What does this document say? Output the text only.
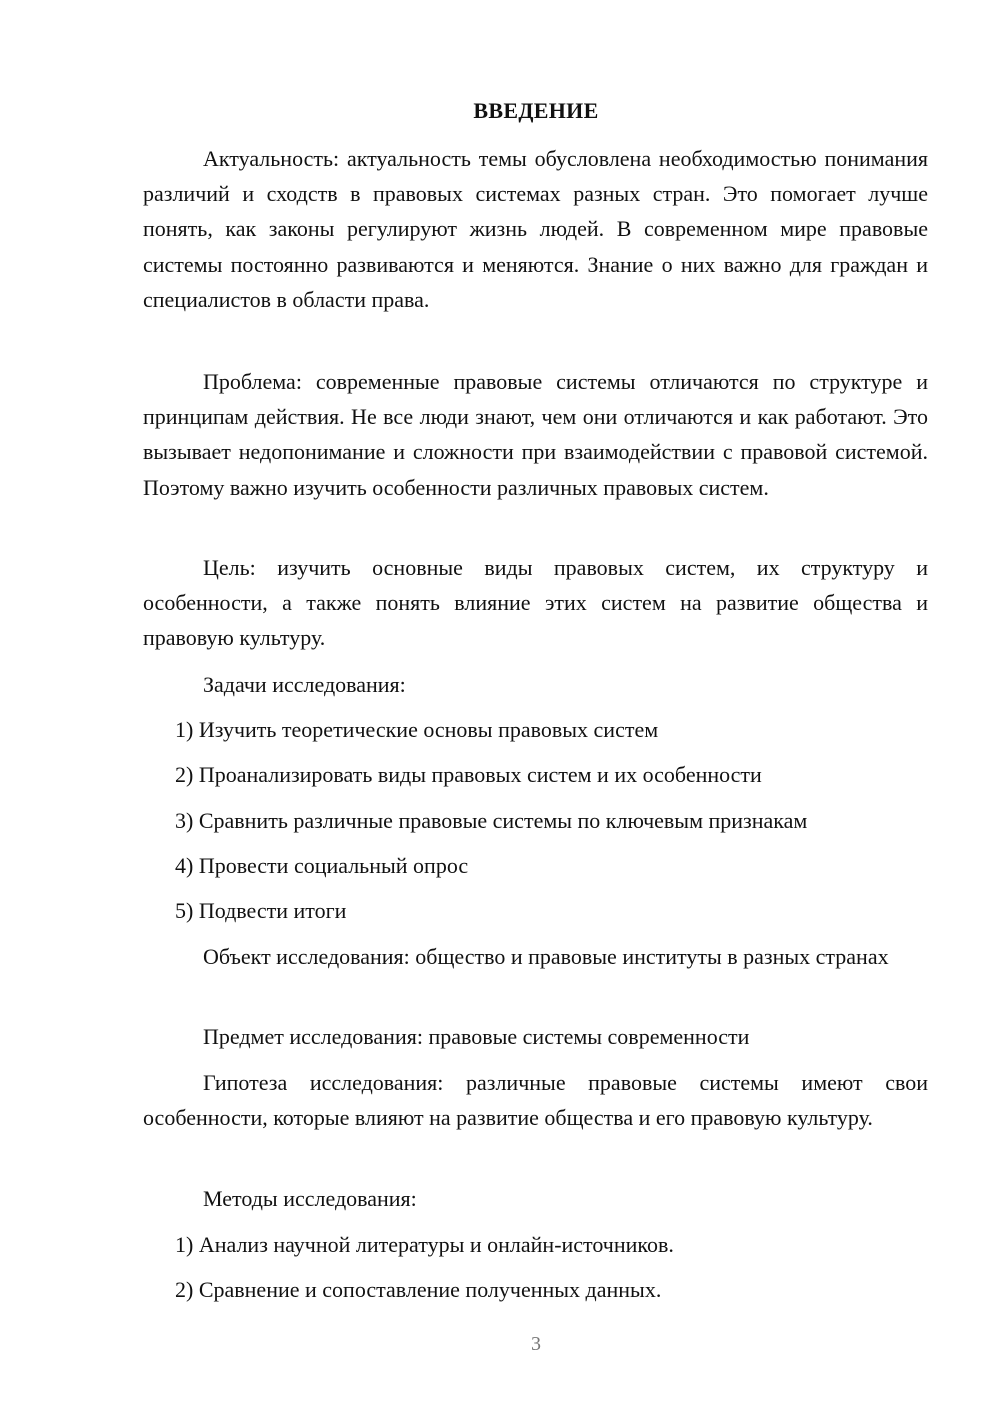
ВВЕДЕНИЕ

Актуальность: актуальность темы обусловлена необходимостью понимания различий и сходств в правовых системах разных стран. Это помогает лучше понять, как законы регулируют жизнь людей. В современном мире правовые системы постоянно развиваются и меняются. Знание о них важно для граждан и специалистов в области права.

Проблема: современные правовые системы отличаются по структуре и принципам действия. Не все люди знают, чем они отличаются и как работают. Это вызывает недопонимание и сложности при взаимодействии с правовой системой. Поэтому важно изучить особенности различных правовых систем.

Цель: изучить основные виды правовых систем, их структуру и особенности, а также понять влияние этих систем на развитие общества и правовую культуру.

Задачи исследования:
1) Изучить теоретические основы правовых систем
2) Проанализировать виды правовых систем и их особенности
3) Сравнить различные правовые системы по ключевым признакам
4) Провести социальный опрос
5) Подвести итоги

Объект исследования: общество и правовые институты в разных странах

Предмет исследования: правовые системы современности

Гипотеза исследования: различные правовые системы имеют свои особенности, которые влияют на развитие общества и его правовую культуру.

Методы исследования:
1) Анализ научной литературы и онлайн-источников.
2) Сравнение и сопоставление полученных данных.
3
